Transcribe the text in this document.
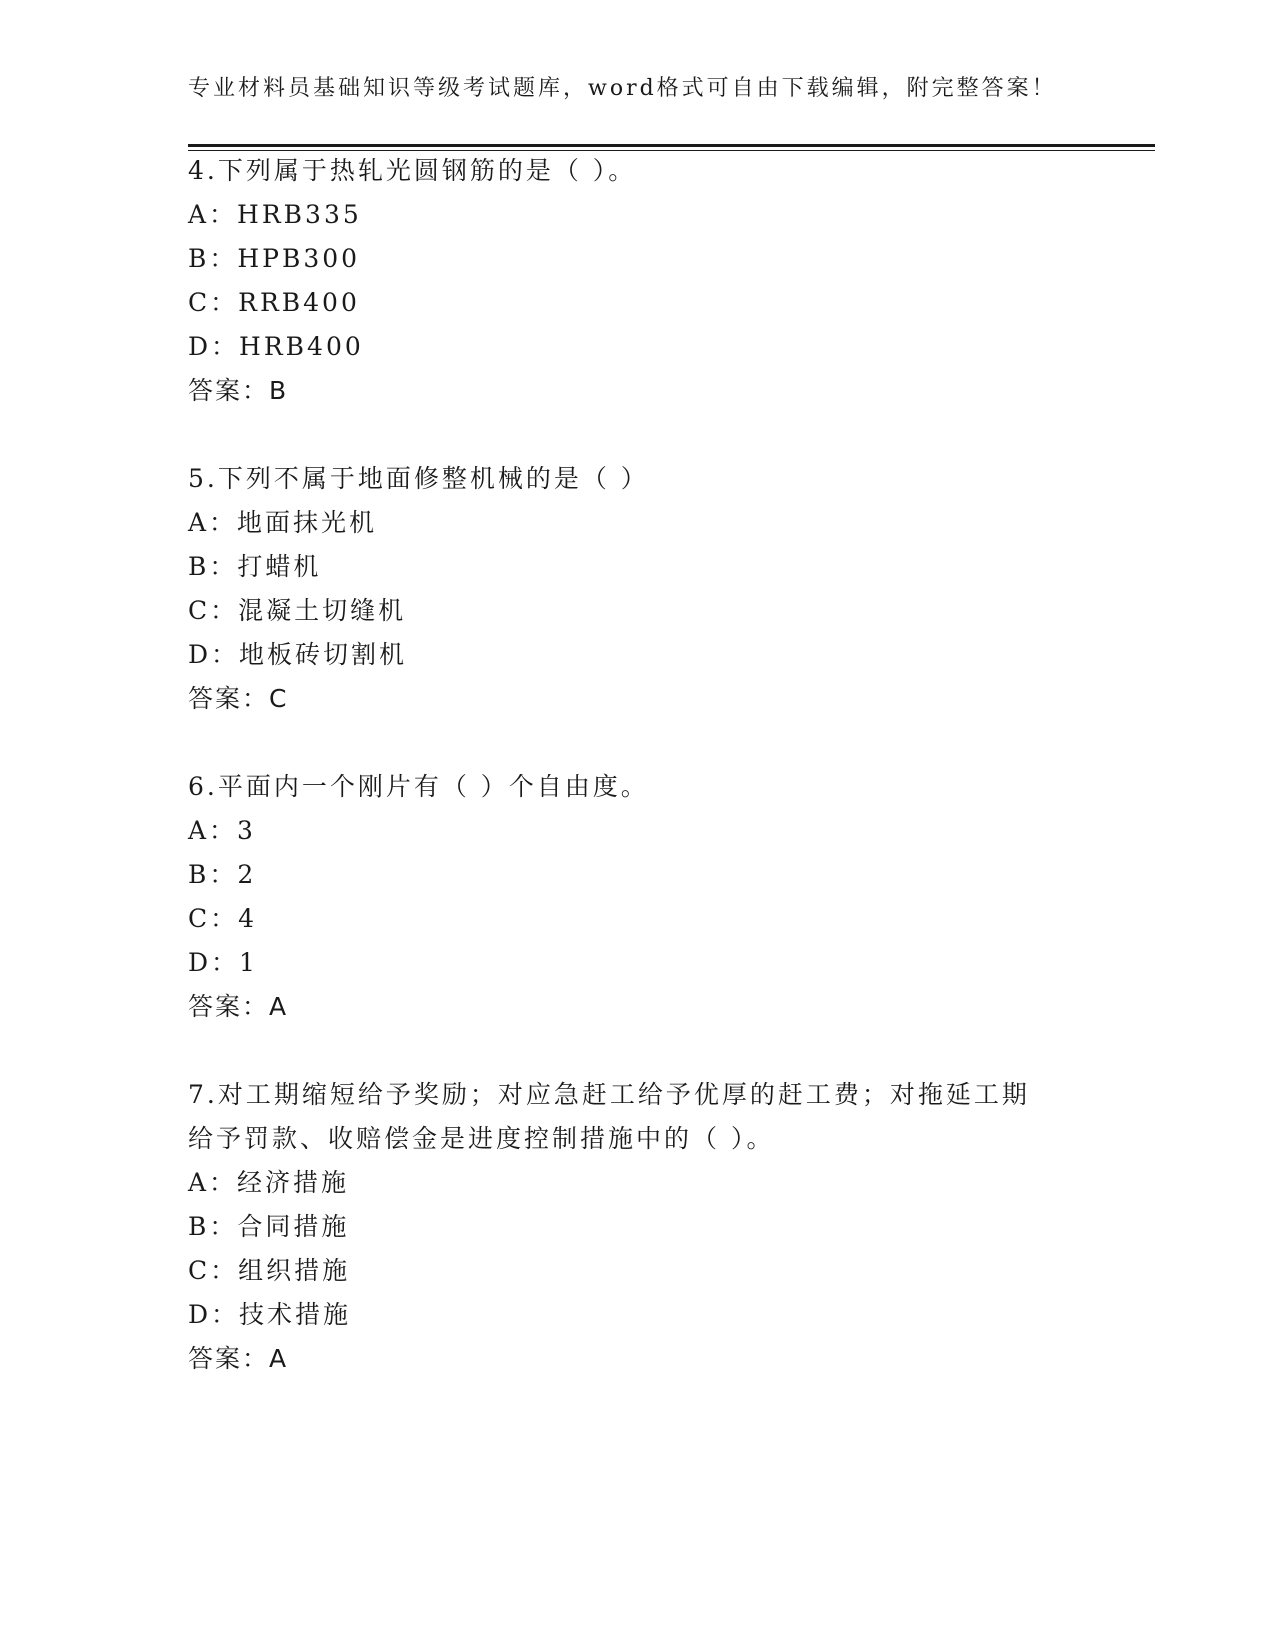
专业材料员基础知识等级考试题库，word格式可自由下载编辑，附完整答案！
4.下列属于热轧光圆钢筋的是（ ）。
A：HRB335
B：HPB300
C：RRB400
D：HRB400
答案：B
5.下列不属于地面修整机械的是（ ）
A：地面抹光机
B：打蜡机
C：混凝土切缝机
D：地板砖切割机
答案：C
6.平面内一个刚片有（ ）个自由度。
A：3
B：2
C：4
D：1
答案：A
7.对工期缩短给予奖励；对应急赶工给予优厚的赶工费；对拖延工期
给予罚款、收赔偿金是进度控制措施中的（ ）。
A：经济措施
B：合同措施
C：组织措施
D：技术措施
答案：A
